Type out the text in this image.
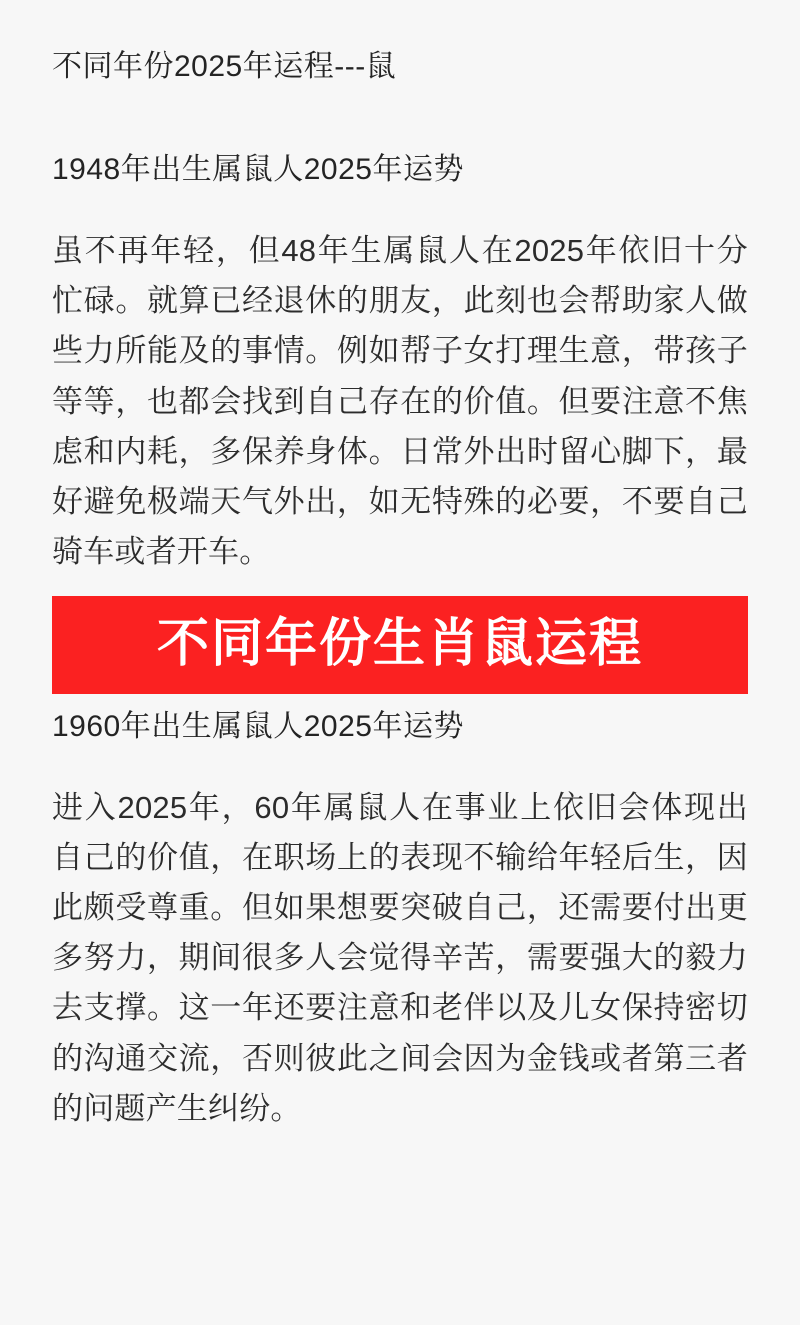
不同年份2025年运程---鼠
1948年出生属鼠人2025年运势

虽不再年轻，但48年生属鼠人在2025年依旧十分忙碌。就算已经退休的朋友，此刻也会帮助家人做些力所能及的事情。例如帮子女打理生意，带孩子等等，也都会找到自己存在的价值。但要注意不焦虑和内耗，多保养身体。日常外出时留心脚下，最好避免极端天气外出，如无特殊的必要，不要自己骑车或者开车。

不同年份生肖鼠运程
1960年出生属鼠人2025年运势

进入2025年，60年属鼠人在事业上依旧会体现出自己的价值，在职场上的表现不输给年轻后生，因此颇受尊重。但如果想要突破自己，还需要付出更多努力，期间很多人会觉得辛苦，需要强大的毅力去支撑。这一年还要注意和老伴以及儿女保持密切的沟通交流，否则彼此之间会因为金钱或者第三者的问题产生纠纷。
